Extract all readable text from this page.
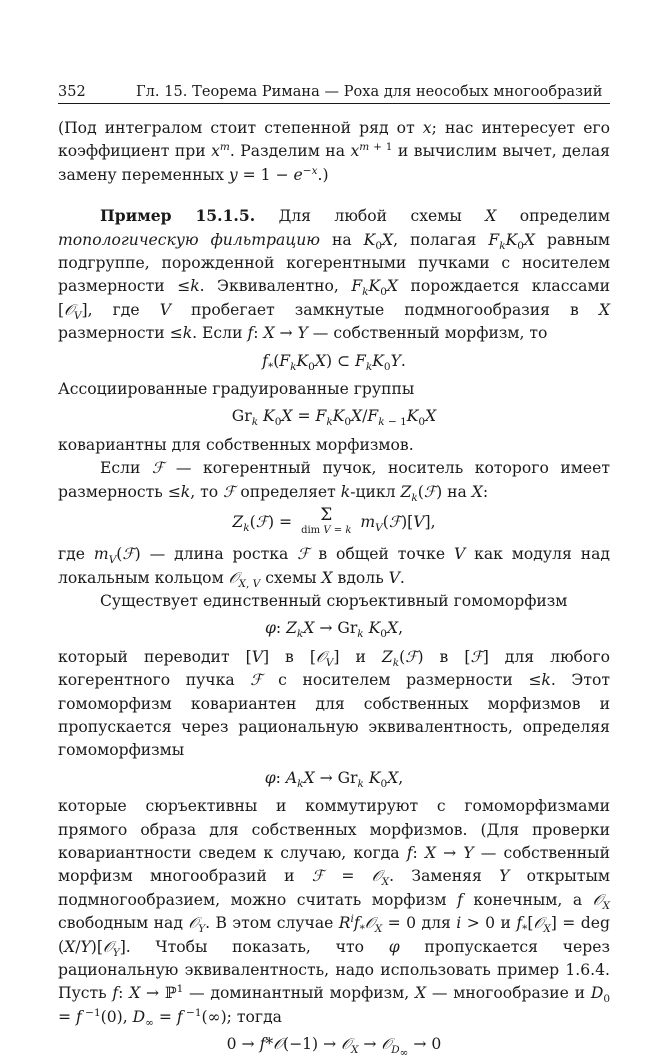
352	Гл. 15. Теорема Римана — Роха для неособых многообразий

(Под интегралом стоит степенной ряд от x; нас интересует его коэффициент при $x^m$. Разделим на $x^{m + 1}$ и вычислим вычет, делая замену переменных $y = 1 - e^{-x}$.)

Пример 15.1.5. Для любой схемы X определим топологическую фильтрацию на $K_0X$, полагая $F_kK_0X$ равным подгруппе, порожденной когерентными пучками с носителем размерности ≤k. Эквивалентно, $F_kK_0X$ порождается классами [𝒪$_V$], где V пробегает замкнутые подмногообразия в X размерности ≤k. Если f: X → Y — собственный морфизм, то

$f_*(F_kK_0X)$ ⊂ $F_kK_0Y$.

Ассоциированные градуированные группы

$Gr_k$ $K_0X = F_kK_0X/F_{k - 1}K_0X$

ковариантны для собственных морфизмов.

Если ℱ — когерентный пучок, носитель которого имеет размерность ≤k, то ℱ определяет k-цикл $Z_k(ℱ)$ на X:

$Z_k(ℱ) = \Sigma$
dim V = k $m_V(ℱ)[V]$,

где $m_V(ℱ)$ — длина ростка ℱ в общей точке V как модуля над локальным кольцом 𝒪$_{X, V}$ схемы X вдоль V.

Существует единственный сюръективный гомоморфизм

φ: $Z_kX \to Gr_k$ $K_0X$,

который переводит [V] в [𝒪$_V$] и $Z_k(ℱ)$ в [ℱ] для любого когерентного пучка ℱ с носителем размерности ≤k. Этот гомоморфизм ковариантен для собственных морфизмов и пропускается через рациональную эквивалентность, определяя гомоморфизмы

φ: $A_kX \to Gr_k$ $K_0X$,

которые сюръективны и коммутируют с гомоморфизмами прямого образа для собственных морфизмов. (Для проверки ковариантности сведем к случаю, когда f: X → Y — собственный морфизм многообразий и ℱ = 𝒪$_X$. Заменяя Y открытым подмногообразием, можно считать морфизм f конечным, а 𝒪$_X$ свободным над 𝒪$_Y$. В этом случае $R^if_*𝒪_X = 0$ для i > 0 и $f_*[𝒪_X]$ = deg (X/Y)[𝒪$_Y$]. Чтобы показать, что φ пропускается через рациональную эквивалентность, надо использовать пример 1.6.4. Пусть f: X → ℙ$^1$ — доминантный морфизм, X — многообразие и $D_0 = f$ $^{-1}$(0), $D_\infty = f$ $^{-1}$(∞); тогда

0 → f*𝒪(−1) → 𝒪$_X$ → 𝒪$_{D_\infty}$ → 0
